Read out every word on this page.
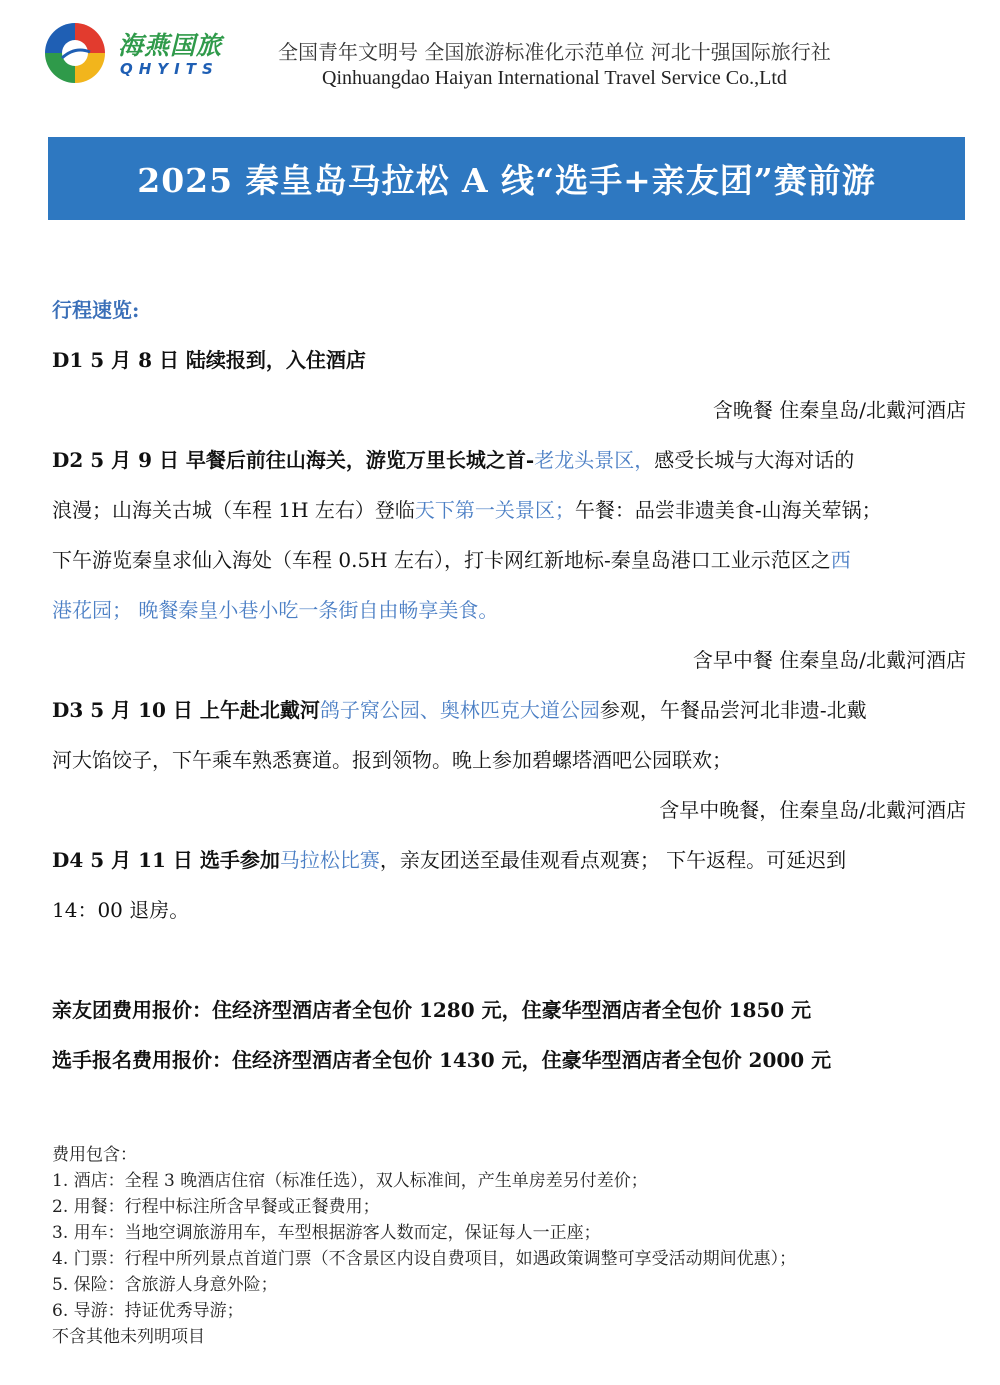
海燕国旅
QHYITS
全国青年文明号 全国旅游标准化示范单位 河北十强国际旅行社
Qinhuangdao Haiyan International Travel Service Co.,Ltd
2025 秦皇岛马拉松 A 线“选手+亲友团”赛前游
行程速览:
D1 5 月 8 日 陆续报到，入住酒店
含晚餐 住秦皇岛/北戴河酒店
D2 5 月 9 日 早餐后前往山海关，游览万里长城之首-老龙头景区，感受长城与大海对话的
浪漫；山海关古城（车程 1H 左右）登临天下第一关景区；午餐：品尝非遗美食-山海关荤锅；
下午游览秦皇求仙入海处（车程 0.5H 左右），打卡网红新地标-秦皇岛港口工业示范区之西
港花园； 晚餐秦皇小巷小吃一条街自由畅享美食。
含早中餐 住秦皇岛/北戴河酒店
D3 5 月 10 日 上午赴北戴河鸽子窝公园、奥林匹克大道公园参观，午餐品尝河北非遗-北戴
河大馅饺子，下午乘车熟悉赛道。报到领物。晚上参加碧螺塔酒吧公园联欢；
含早中晚餐，住秦皇岛/北戴河酒店
D4 5 月 11 日 选手参加马拉松比赛，亲友团送至最佳观看点观赛； 下午返程。可延迟到
14：00 退房。
亲友团费用报价：住经济型酒店者全包价 1280 元，住豪华型酒店者全包价 1850 元
选手报名费用报价：住经济型酒店者全包价 1430 元，住豪华型酒店者全包价 2000 元
费用包含：
1. 酒店：全程 3 晚酒店住宿（标准任选），双人标准间，产生单房差另付差价；
2. 用餐：行程中标注所含早餐或正餐费用；
3. 用车：当地空调旅游用车，车型根据游客人数而定，保证每人一正座；
4. 门票：行程中所列景点首道门票（不含景区内设自费项目，如遇政策调整可享受活动期间优惠）；
5. 保险：含旅游人身意外险；
6. 导游：持证优秀导游；
不含其他未列明项目
